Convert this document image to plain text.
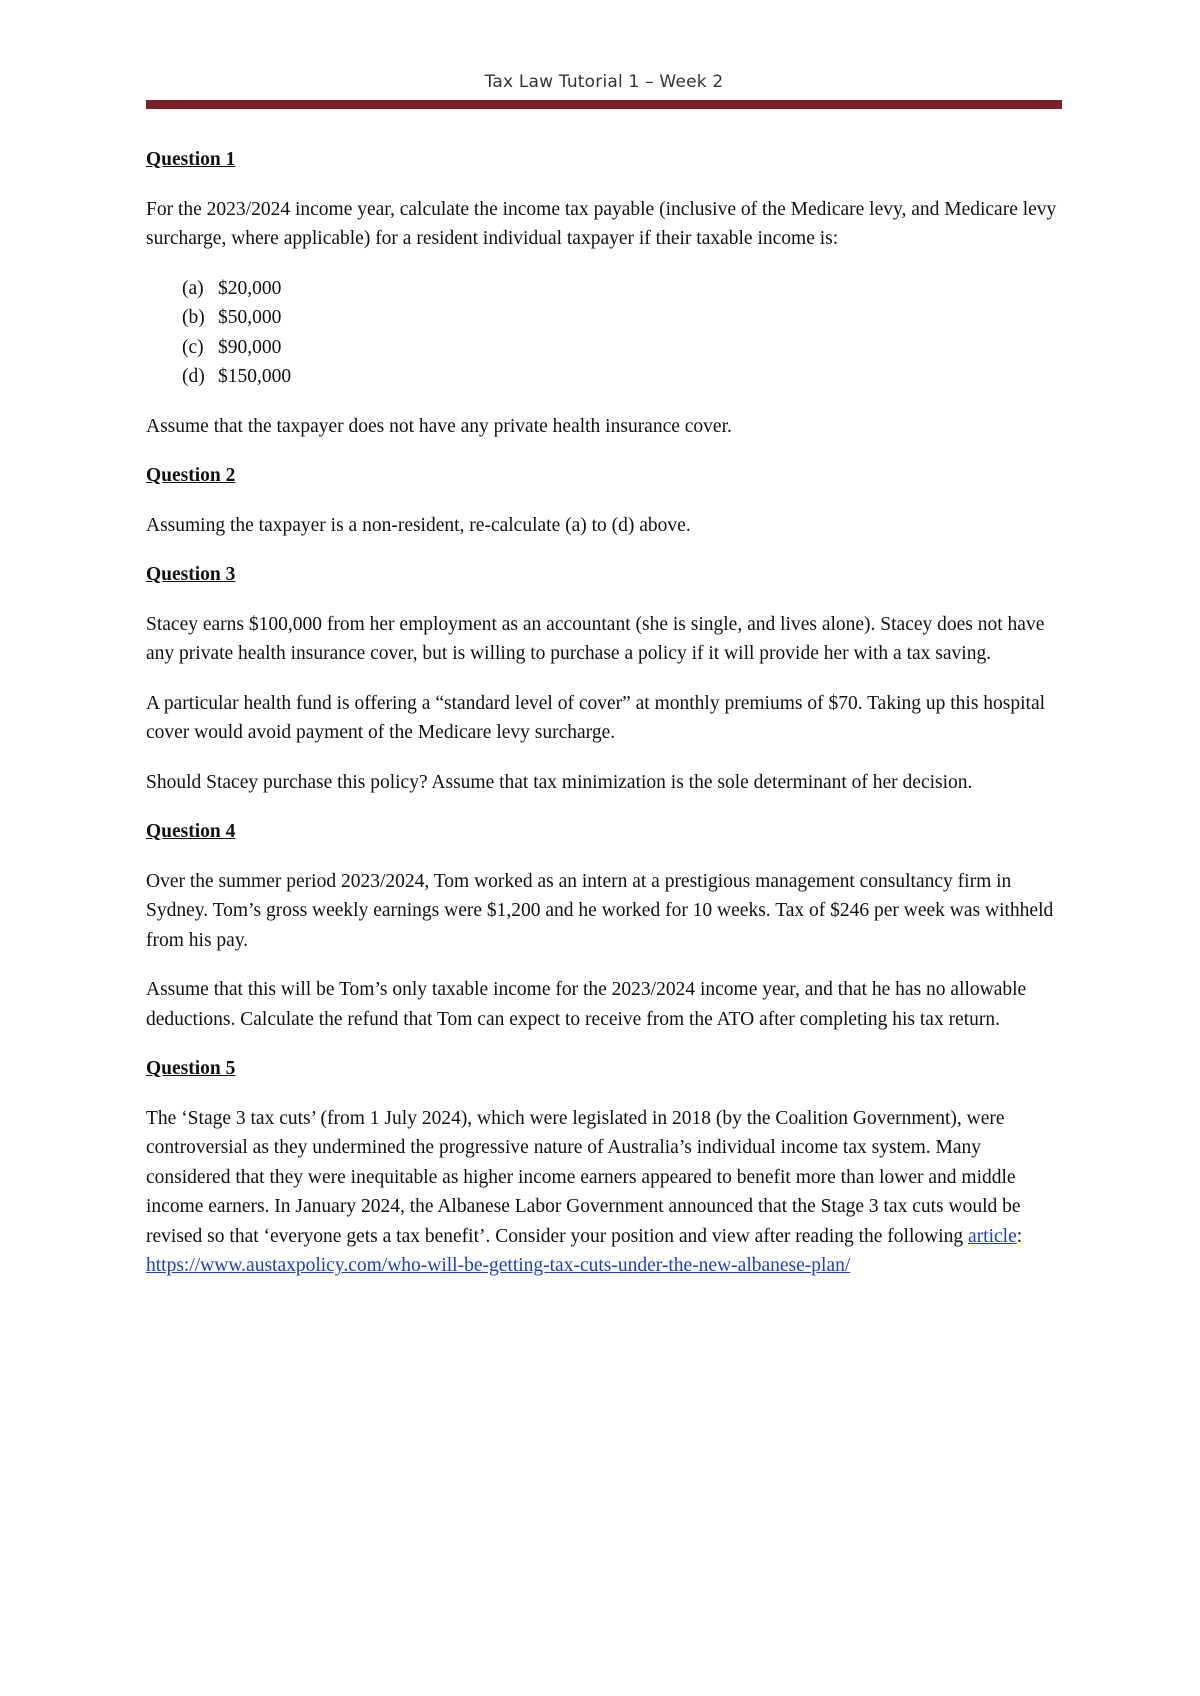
Tax Law Tutorial 1 – Week 2
Question 1

For the 2023/2024 income year, calculate the income tax payable (inclusive of the Medicare levy, and Medicare levy surcharge, where applicable) for a resident individual taxpayer if their taxable income is:

(a) $20,000
(b) $50,000
(c) $90,000
(d) $150,000

Assume that the taxpayer does not have any private health insurance cover.

Question 2

Assuming the taxpayer is a non-resident, re-calculate (a) to (d) above.

Question 3

Stacey earns $100,000 from her employment as an accountant (she is single, and lives alone). Stacey does not have any private health insurance cover, but is willing to purchase a policy if it will provide her with a tax saving.

A particular health fund is offering a “standard level of cover” at monthly premiums of $70. Taking up this hospital cover would avoid payment of the Medicare levy surcharge.

Should Stacey purchase this policy? Assume that tax minimization is the sole determinant of her decision.

Question 4

Over the summer period 2023/2024, Tom worked as an intern at a prestigious management consultancy firm in Sydney. Tom’s gross weekly earnings were $1,200 and he worked for 10 weeks. Tax of $246 per week was withheld from his pay.

Assume that this will be Tom’s only taxable income for the 2023/2024 income year, and that he has no allowable deductions. Calculate the refund that Tom can expect to receive from the ATO after completing his tax return.

Question 5

The ‘Stage 3 tax cuts’ (from 1 July 2024), which were legislated in 2018 (by the Coalition Government), were controversial as they undermined the progressive nature of Australia’s individual income tax system. Many considered that they were inequitable as higher income earners appeared to benefit more than lower and middle income earners. In January 2024, the Albanese Labor Government announced that the Stage 3 tax cuts would be revised so that ‘everyone gets a tax benefit’. Consider your position and view after reading the following article:
https://www.austaxpolicy.com/who-will-be-getting-tax-cuts-under-the-new-albanese-plan/
